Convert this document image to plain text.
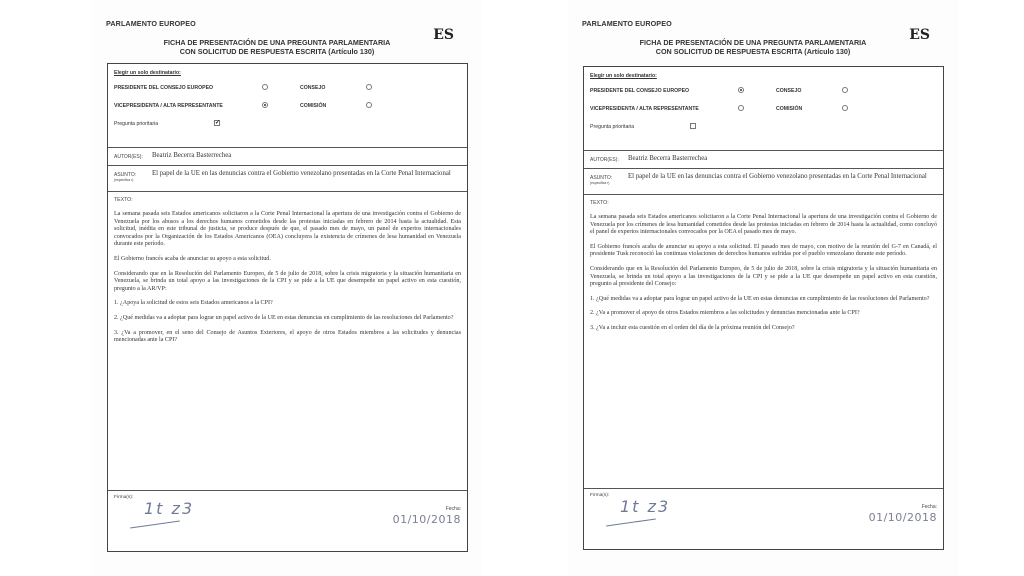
PARLAMENTO EUROPEO
FICHA DE PRESENTACIÓN DE UNA PREGUNTA PARLAMENTARIA
CON SOLICITUD DE RESPUESTA ESCRITA (Artículo 130)
ES
Elegir un solo destinatario:
PRESIDENTE DEL CONSEJO EUROPEO	CONSEJO
VICEPRESIDENTA / ALTA REPRESENTANTE	COMISIÓN
Pregunta prioritaria	✓
AUTOR(ES): Beatriz Becerra Basterrechea
ASUNTO:
(especifica r)
El papel de la UE en las denuncias contra el Gobierno venezolano presentadas en la Corte Penal Internacional
TEXTO:

La semana pasada seis Estados americanos solicitaron a la Corte Penal Internacional la apertura de una investigación contra el Gobierno de Venezuela por los abusos a los derechos humanos cometidos desde las protestas iniciadas en febrero de 2014 hasta la actualidad. Esta solicitud, inédita en este tribunal de justicia, se produce después de que, el pasado mes de mayo, un panel de expertos internacionales convocados por la Organización de los Estados Americanos (OEA) concluyera la existencia de crímenes de lesa humanidad en Venezuela durante este período.

El Gobierno francés acaba de anunciar su apoyo a esta solicitud.

Considerando que en la Resolución del Parlamento Europeo, de 5 de julio de 2018, sobre la crisis migratoria y la situación humanitaria en Venezuela, se brinda un total apoyo a las investigaciones de la CPI y se pide a la UE que desempeñe un papel activo en esta cuestión, pregunto a la AR/VP:

1. ¿Apoya la solicitud de estos seis Estados americanos a la CPI?

2. ¿Qué medidas va a adoptar para lograr un papel activo de la UE en estas denuncias en cumplimiento de las resoluciones del Parlamento?

3. ¿Va a promover, en el seno del Consejo de Asuntos Exteriores, el apoyo de otros Estados miembros a las solicitudes y denuncias mencionadas ante la CPI?

Firma(s):
1t z3	Fecha:
01/10/2018
PARLAMENTO EUROPEO
FICHA DE PRESENTACIÓN DE UNA PREGUNTA PARLAMENTARIA
CON SOLICITUD DE RESPUESTA ESCRITA (Artículo 130)
ES
Elegir un solo destinatario:
PRESIDENTE DEL CONSEJO EUROPEO	CONSEJO
VICEPRESIDENTA / ALTA REPRESENTANTE	COMISIÓN
Pregunta prioritaria
AUTOR(ES): Beatriz Becerra Basterrechea
ASUNTO:
(especifica r)
El papel de la UE en las denuncias contra el Gobierno venezolano presentadas en la Corte Penal Internacional
TEXTO:

La semana pasada seis Estados americanos solicitaron a la Corte Penal Internacional la apertura de una investigación contra el Gobierno de Venezuela por los crímenes de lesa humanidad cometidos desde las protestas iniciadas en febrero de 2014 hasta la actualidad, como concluyó el panel de expertos internacionales convocados por la OEA el pasado mes de mayo.

El Gobierno francés acaba de anunciar su apoyo a esta solicitud. El pasado mes de mayo, con motivo de la reunión del G-7 en Canadá, el presidente Tusk reconoció las continuas violaciones de derechos humanos sufridas por el pueblo venezolano durante este período.

Considerando que en la Resolución del Parlamento Europeo, de 5 de julio de 2018, sobre la crisis migratoria y la situación humanitaria en Venezuela, se brinda un total apoyo a las investigaciones de la CPI y se pide a la UE que desempeñe un papel activo en esta cuestión, pregunto al presidente del Consejo:

1. ¿Qué medidas va a adoptar para lograr un papel activo de la UE en estas denuncias en cumplimiento de las resoluciones del Parlamento?

2. ¿Va a promover el apoyo de otros Estados miembros a las solicitudes y denuncias mencionadas ante la CPI?

3. ¿Va a incluir esta cuestión en el orden del día de la próxima reunión del Consejo?

Firma(s):
1t z3	Fecha:
01/10/2018
